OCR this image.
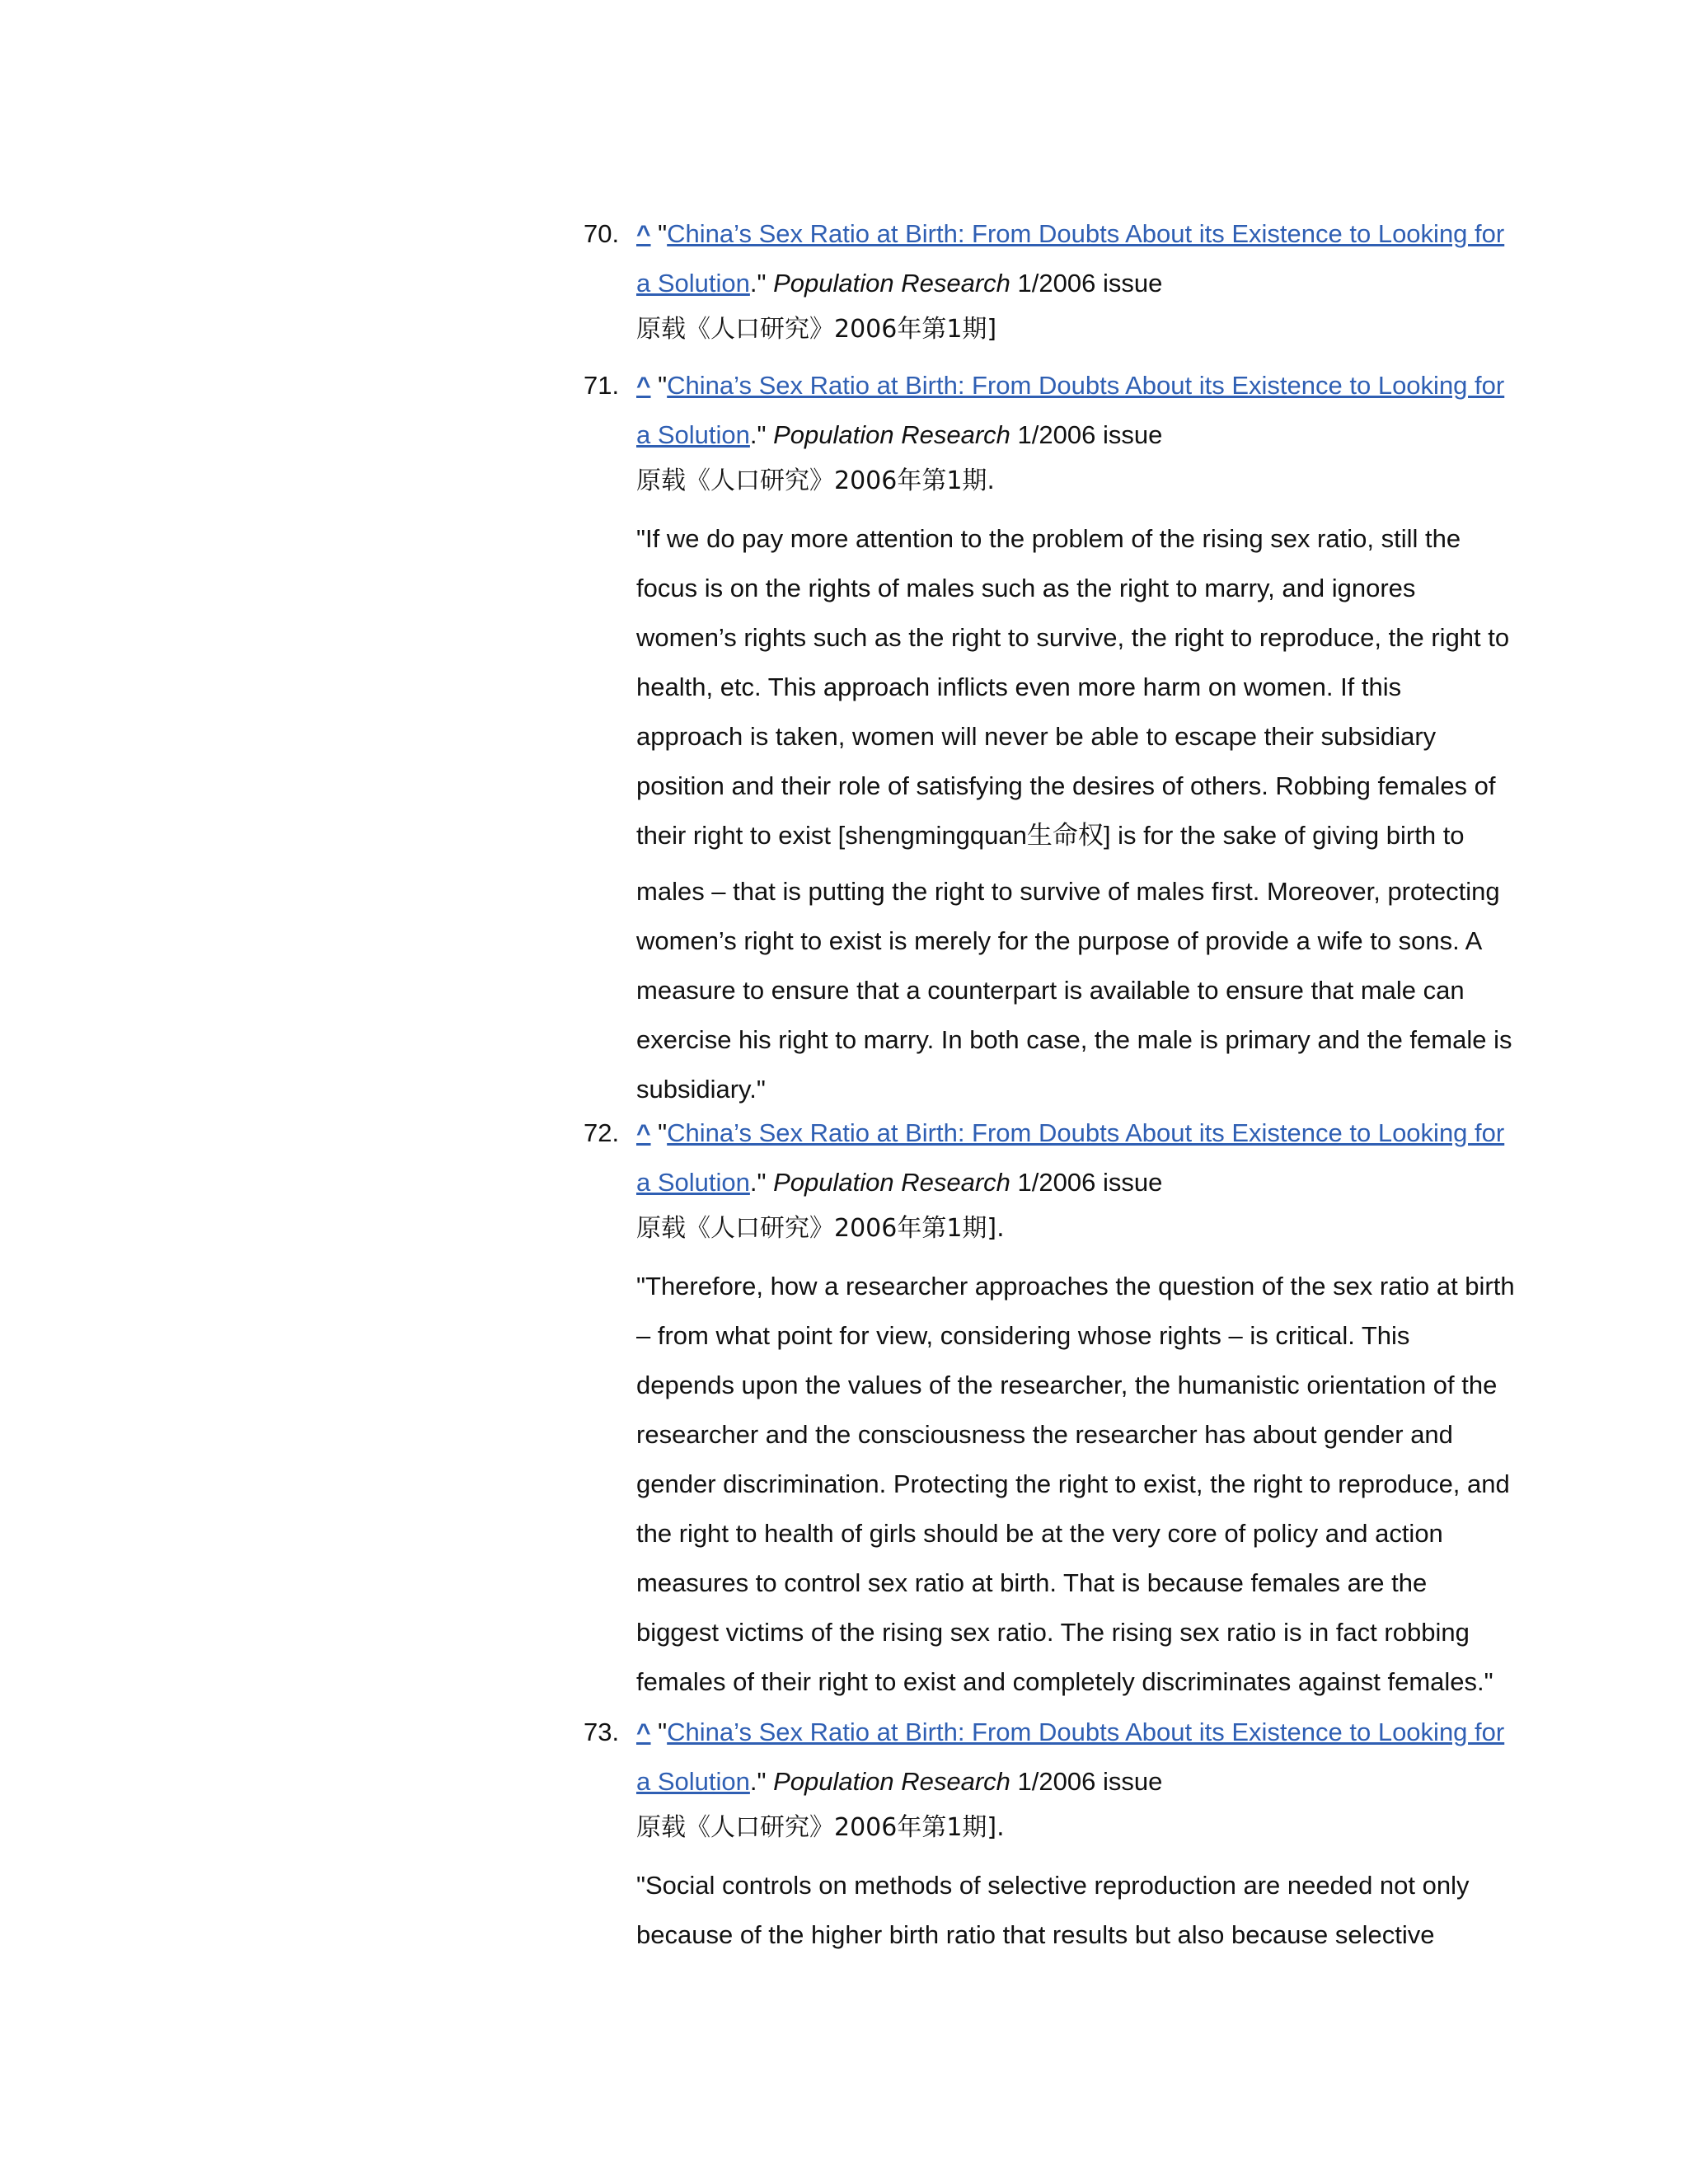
70. ^ "China’s Sex Ratio at Birth: From Doubts About its Existence to Looking for
a Solution." Population Research 1/2006 issue
原载《人口研究》2006年第1期]
71. ^ "China’s Sex Ratio at Birth: From Doubts About its Existence to Looking for
a Solution." Population Research 1/2006 issue
原载《人口研究》2006年第1期.
"If we do pay more attention to the problem of the rising sex ratio, still the
focus is on the rights of males such as the right to marry, and ignores
women’s rights such as the right to survive, the right to reproduce, the right to
health, etc. This approach inflicts even more harm on women. If this
approach is taken, women will never be able to escape their subsidiary
position and their role of satisfying the desires of others. Robbing females of
their right to exist [shengmingquan生命权] is for the sake of giving birth to
males – that is putting the right to survive of males first. Moreover, protecting
women’s right to exist is merely for the purpose of provide a wife to sons. A
measure to ensure that a counterpart is available to ensure that male can
exercise his right to marry. In both case, the male is primary and the female is
subsidiary."
72. ^ "China’s Sex Ratio at Birth: From Doubts About its Existence to Looking for
a Solution." Population Research 1/2006 issue
原载《人口研究》2006年第1期].
"Therefore, how a researcher approaches the question of the sex ratio at birth
– from what point for view, considering whose rights – is critical. This
depends upon the values of the researcher, the humanistic orientation of the
researcher and the consciousness the researcher has about gender and
gender discrimination. Protecting the right to exist, the right to reproduce, and
the right to health of girls should be at the very core of policy and action
measures to control sex ratio at birth. That is because females are the
biggest victims of the rising sex ratio. The rising sex ratio is in fact robbing
females of their right to exist and completely discriminates against females."
73. ^ "China’s Sex Ratio at Birth: From Doubts About its Existence to Looking for
a Solution." Population Research 1/2006 issue
原载《人口研究》2006年第1期].
"Social controls on methods of selective reproduction are needed not only
because of the higher birth ratio that results but also because selective
